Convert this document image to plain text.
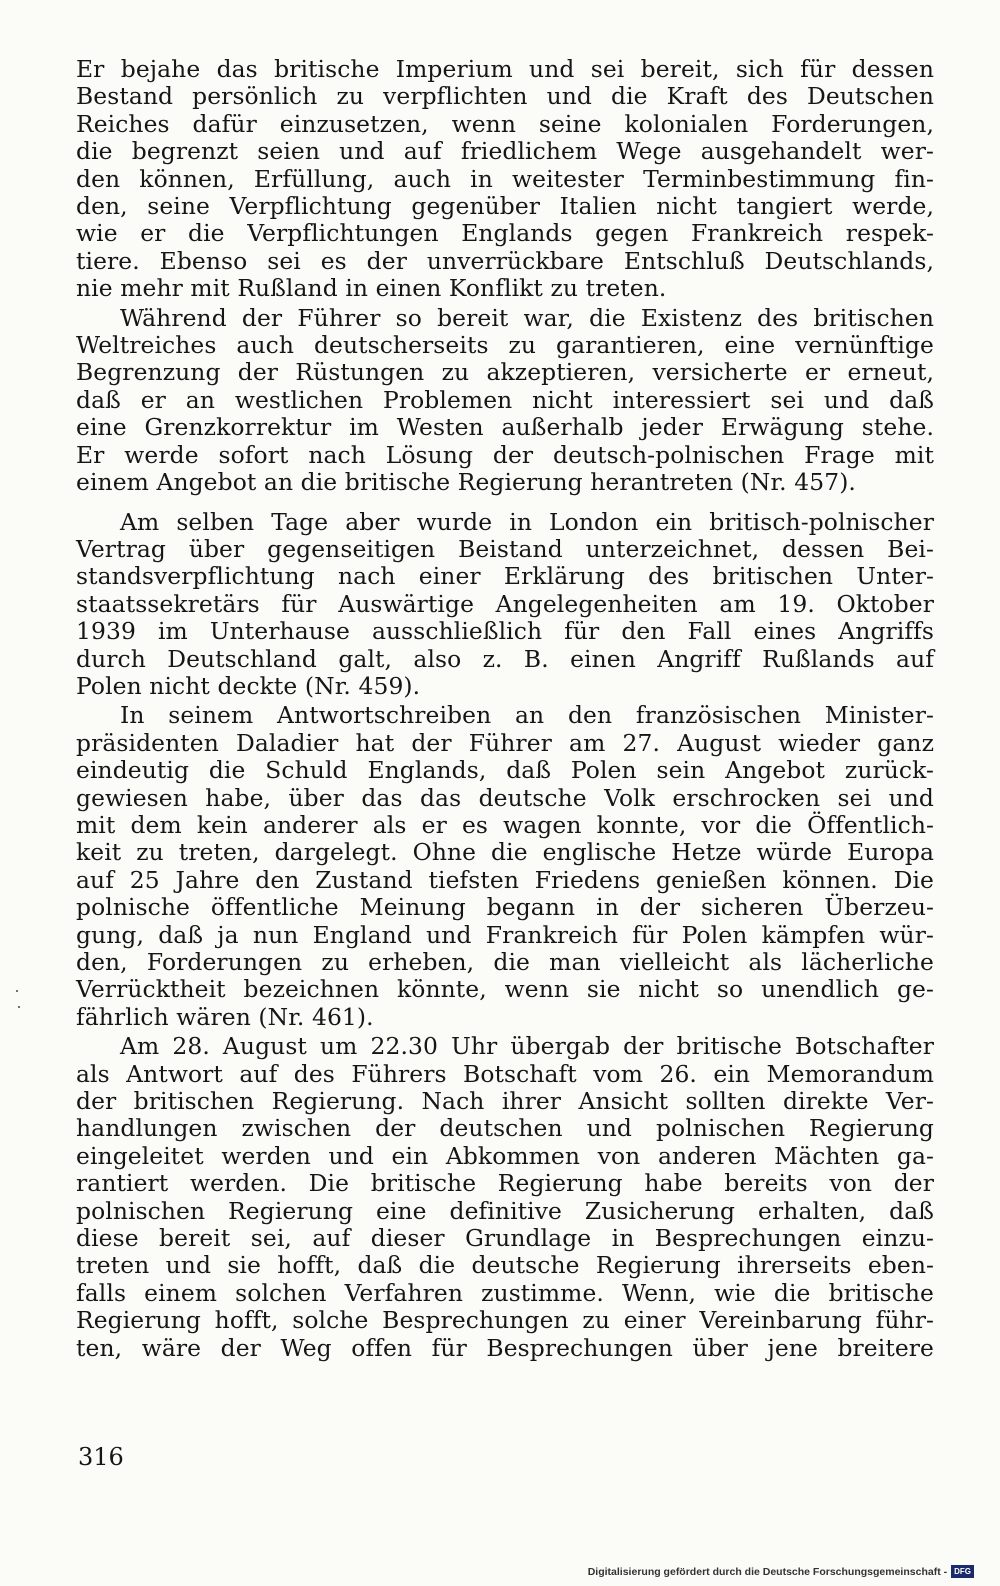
Er bejahe das britische Imperium und sei bereit, sich für dessen
Bestand persönlich zu verpflichten und die Kraft des Deutschen
Reiches dafür einzusetzen, wenn seine kolonialen Forderungen,
die begrenzt seien und auf friedlichem Wege ausgehandelt wer-
den können, Erfüllung, auch in weitester Terminbestimmung fin-
den, seine Verpflichtung gegenüber Italien nicht tangiert werde,
wie er die Verpflichtungen Englands gegen Frankreich respek-
tiere. Ebenso sei es der unverrückbare Entschluß Deutschlands,
nie mehr mit Rußland in einen Konflikt zu treten.

Während der Führer so bereit war, die Existenz des britischen
Weltreiches auch deutscherseits zu garantieren, eine vernünftige
Begrenzung der Rüstungen zu akzeptieren, versicherte er erneut,
daß er an westlichen Problemen nicht interessiert sei und daß
eine Grenzkorrektur im Westen außerhalb jeder Erwägung stehe.
Er werde sofort nach Lösung der deutsch-polnischen Frage mit
einem Angebot an die britische Regierung herantreten (Nr. 457).

Am selben Tage aber wurde in London ein britisch-polnischer
Vertrag über gegenseitigen Beistand unterzeichnet, dessen Bei-
standsverpflichtung nach einer Erklärung des britischen Unter-
staatssekretärs für Auswärtige Angelegenheiten am 19. Oktober
1939 im Unterhause ausschließlich für den Fall eines Angriffs
durch Deutschland galt, also z. B. einen Angriff Rußlands auf
Polen nicht deckte (Nr. 459).

In seinem Antwortschreiben an den französischen Minister-
präsidenten Daladier hat der Führer am 27. August wieder ganz
eindeutig die Schuld Englands, daß Polen sein Angebot zurück-
gewiesen habe, über das das deutsche Volk erschrocken sei und
mit dem kein anderer als er es wagen konnte, vor die Öffentlich-
keit zu treten, dargelegt. Ohne die englische Hetze würde Europa
auf 25 Jahre den Zustand tiefsten Friedens genießen können. Die
polnische öffentliche Meinung begann in der sicheren Überzeu-
gung, daß ja nun England und Frankreich für Polen kämpfen wür-
den, Forderungen zu erheben, die man vielleicht als lächerliche
Verrücktheit bezeichnen könnte, wenn sie nicht so unendlich ge-
fährlich wären (Nr. 461).

Am 28. August um 22.30 Uhr übergab der britische Botschafter
als Antwort auf des Führers Botschaft vom 26. ein Memorandum
der britischen Regierung. Nach ihrer Ansicht sollten direkte Ver-
handlungen zwischen der deutschen und polnischen Regierung
eingeleitet werden und ein Abkommen von anderen Mächten ga-
rantiert werden. Die britische Regierung habe bereits von der
polnischen Regierung eine definitive Zusicherung erhalten, daß
diese bereit sei, auf dieser Grundlage in Besprechungen einzu-
treten und sie hofft, daß die deutsche Regierung ihrerseits eben-
falls einem solchen Verfahren zustimme. Wenn, wie die britische
Regierung hofft, solche Besprechungen zu einer Vereinbarung führ-
ten, wäre der Weg offen für Besprechungen über jene breitere

316
Digitalisierung gefördert durch die Deutsche Forschungsgemeinschaft - DFG
